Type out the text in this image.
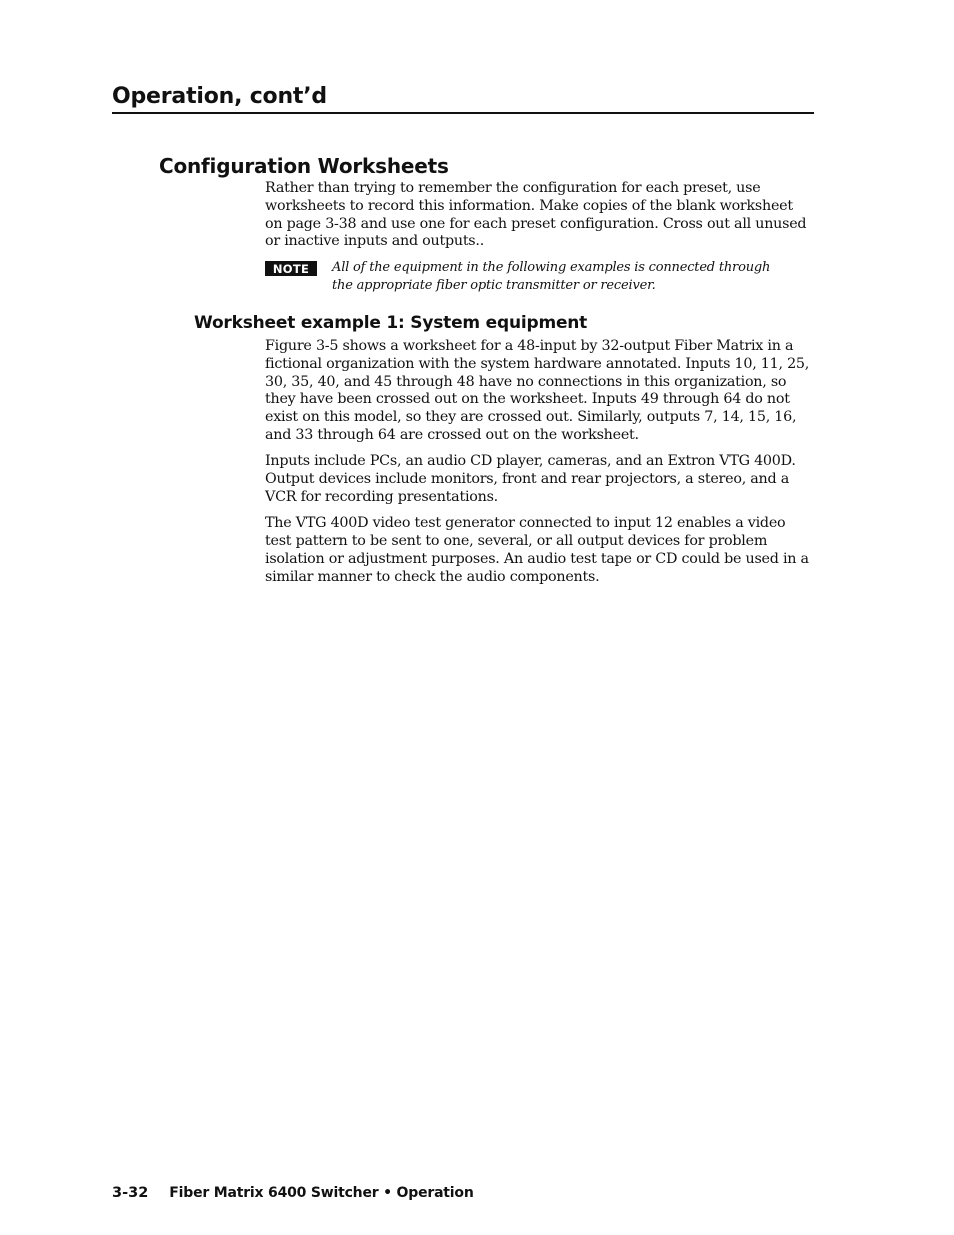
Operation, cont’d
Configuration Worksheets

Rather than trying to remember the configuration for each preset, use worksheets to record this information. Make copies of the blank worksheet on page 3-38 and use one for each preset configuration. Cross out all unused or inactive inputs and outputs..

NOTE	All of the equipment in the following examples is connected through the appropriate fiber optic transmitter or receiver.

Worksheet example 1: System equipment

Figure 3-5 shows a worksheet for a 48-input by 32-output Fiber Matrix in a fictional organization with the system hardware annotated. Inputs 10, 11, 25, 30, 35, 40, and 45 through 48 have no connections in this organization, so they have been crossed out on the worksheet. Inputs 49 through 64 do not exist on this model, so they are crossed out. Similarly, outputs 7, 14, 15, 16, and 33 through 64 are crossed out on the worksheet.

Inputs include PCs, an audio CD player, cameras, and an Extron VTG 400D. Output devices include monitors, front and rear projectors, a stereo, and a VCR for recording presentations.

The VTG 400D video test generator connected to input 12 enables a video test pattern to be sent to one, several, or all output devices for problem isolation or adjustment purposes. An audio test tape or CD could be used in a similar manner to check the audio components.

3-32 Fiber Matrix 6400 Switcher • Operation
